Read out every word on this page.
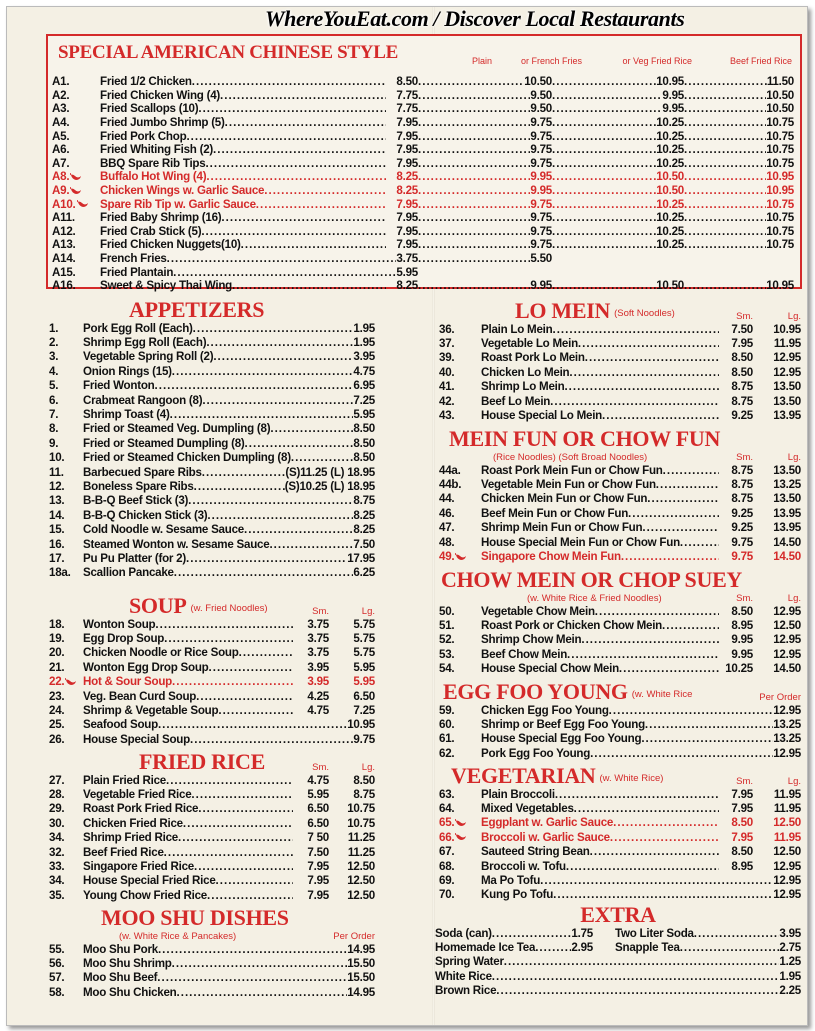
WhereYouEat.com / Discover Local Restaurants
SPECIAL AMERICAN CHINESE STYLE	Plain	or French Fries	or Veg Fried Rice	Beef Fried Rice
A1.	Fried 1/2 Chicken .....	8.50 .....	10.50 .....	10.95 .....	11.50
A2.	Fried Chicken Wing (4) .....	7.75 .....	9.50 .....	9.95 .....	10.50
A3.	Fried Scallops (10) .....	7.75 .....	9.50 .....	9.95 .....	10.50
A4.	Fried Jumbo Shrimp (5) .....	7.95 .....	9.75 .....	10.25 .....	10.75
A5.	Fried Pork Chop .....	7.95 .....	9.75 .....	10.25 .....	10.75
A6.	Fried Whiting Fish (2) .....	7.95 .....	9.75 .....	10.25 .....	10.75
A7.	BBQ Spare Rib Tips .....	7.95 .....	9.75 .....	10.25 .....	10.75
A8.	Buffalo Hot Wing (4) .....	8.25 .....	9.95 .....	10.50 .....	10.95
A9.	Chicken Wings w. Garlic Sauce .....	8.25 .....	9.95 .....	10.50 .....	10.95
A10. Spare Rib Tip w. Garlic Sauce .....	7.95 .....	9.75 .....	10.25 .....	10.75
A11. Fried Baby Shrimp (16) .....	7.95 .....	9.75 .....	10.25 .....	10.75
A12. Fried Crab Stick (5) .....	7.95 .....	9.75 .....	10.25 .....	10.75
A13. Fried Chicken Nuggets(10) .....	7.95 .....	9.75 .....	10.25 .....	10.75
A14. French Fries .....	3.75 .....	5.50
A15. Fried Plantain .....	5.95
A16. Sweet & Spicy Thai Wing .....	8.25 .....	9.95 .....	10.50 .....	10.95
APPETIZERS
1. Pork Egg Roll (Each) .....	1.95
2. Shrimp Egg Roll (Each) .....	1.95
3. Vegetable Spring Roll (2) .....	3.95
4. Onion Rings (15) .....	4.75
5. Fried Wonton .....	6.95
6. Crabmeat Rangoon (8) .....	7.25
7. Shrimp Toast (4) .....	5.95
8. Fried or Steamed Veg. Dumpling (8) .....	8.50
9. Fried or Steamed Dumpling (8) .....	8.50
10. Fried or Steamed Chicken Dumpling (8) .....	8.50
11. Barbecued Spare Ribs .....	(S)11.25 (L) 18.95
12. Boneless Spare Ribs .....	(S)10.25 (L) 18.95
13. B-B-Q Beef Stick (3) .....	8.75
14. B-B-Q Chicken Stick (3) .....	8.25
15. Cold Noodle w. Sesame Sauce .....	8.25
16. Steamed Wonton w. Sesame Sauce .....	7.50
17. Pu Pu Platter (for 2) .....	17.95
18a. Scallion Pancake .....	6.25
SOUP (w. Fried Noodles)	Sm.	Lg.
18. Wonton Soup .....	3.75 5.75
19. Egg Drop Soup .....	3.75 5.75
20. Chicken Noodle or Rice Soup .....	3.75 5.75
21. Wonton Egg Drop Soup .....	3.95 5.95
22. Hot & Sour Soup .....	3.95 5.95
23. Veg. Bean Curd Soup .....	4.25 6.50
24. Shrimp & Vegetable Soup .....	4.75 7.25
25. Seafood Soup .....	10.95
26. House Special Soup .....	9.75
FRIED RICE	Sm.	Lg.
27. Plain Fried Rice .....	4.75 8.50
28. Vegetable Fried Rice .....	5.95 8.75
29. Roast Pork Fried Rice .....	6.50 10.75
30. Chicken Fried Rice .....	6.50 10.75
34. Shrimp Fried Rice .....	7 50 11.25
32. Beef Fried Rice .....	7.50 11.25
33. Singapore Fried Rice .....	7.95 12.50
34. House Special Fried Rice .....	7.95 12.50
35. Young Chow Fried Rice .....	7.95 12.50
MOO SHU DISHES
(w. White Rice & Pancakes)	Per Order
55. Moo Shu Pork .....	14.95
56. Moo Shu Shrimp .....	15.50
57. Moo Shu Beef .....	15.50
58. Moo Shu Chicken .....	14.95
LO MEIN (Soft Noodles)	Sm.	Lg.
36. Plain Lo Mein .....	7.50 10.95
37. Vegetable Lo Mein .....	7.95 11.95
39. Roast Pork Lo Mein .....	8.50 12.95
40. Chicken Lo Mein .....	8.50 12.95
41. Shrimp Lo Mein .....	8.75 13.50
42. Beef Lo Mein .....	8.75 13.50
43. House Special Lo Mein .....	9.25 13.95
MEIN FUN OR CHOW FUN
(Rice Noodles) (Soft Broad Noodles)	Sm.	Lg.
44a. Roast Pork Mein Fun or Chow Fun .....	8.75 13.50
44b. Vegetable Mein Fun or Chow Fun .....	8.75 13.25
44. Chicken Mein Fun or Chow Fun .....	8.75 13.50
46. Beef Mein Fun or Chow Fun .....	9.25 13.95
47. Shrimp Mein Fun or Chow Fun .....	9.25 13.95
48. House Special Mein Fun or Chow Fun .....	9.75 14.50
49. Singapore Chow Mein Fun .....	9.75 14.50
CHOW MEIN OR CHOP SUEY
(w. White Rice & Fried Noodles)	Sm.	Lg.
50. Vegetable Chow Mein .....	8.50 12.95
51. Roast Pork or Chicken Chow Mein .....	8.95 12.50
52. Shrimp Chow Mein .....	9.95 12.95
53. Beef Chow Mein .....	9.95 12.95
54. House Special Chow Mein .....	10.25 14.50
EGG FOO YOUNG (w. White Rice	Per Order
59. Chicken Egg Foo Young .....	12.95
60. Shrimp or Beef Egg Foo Young .....	13.25
61. House Special Egg Foo Young .....	13.25
62. Pork Egg Foo Young .....	12.95
VEGETARIAN (w. White Rice)	Sm.	Lg.
63. Plain Broccoli .....	7.95 11.95
64. Mixed Vegetables .....	7.95 11.95
65. Eggplant w. Garlic Sauce .....	8.50 12.50
66. Broccoli w. Garlic Sauce .....	7.95 11.95
67. Sauteed String Bean .....	8.50 12.50
68. Broccoli w. Tofu .....	8.95 12.95
69. Ma Po Tofu .....	12.95
70. Kung Po Tofu .....	12.95
EXTRA
Soda (can) .....	1.75 Two Liter Soda .....	3.95
Homemade Ice Tea .....	2.95 Snapple Tea .....	2.75
Spring Water .....	1.25
White Rice .....	1.95
Brown Rice .....	2.25
